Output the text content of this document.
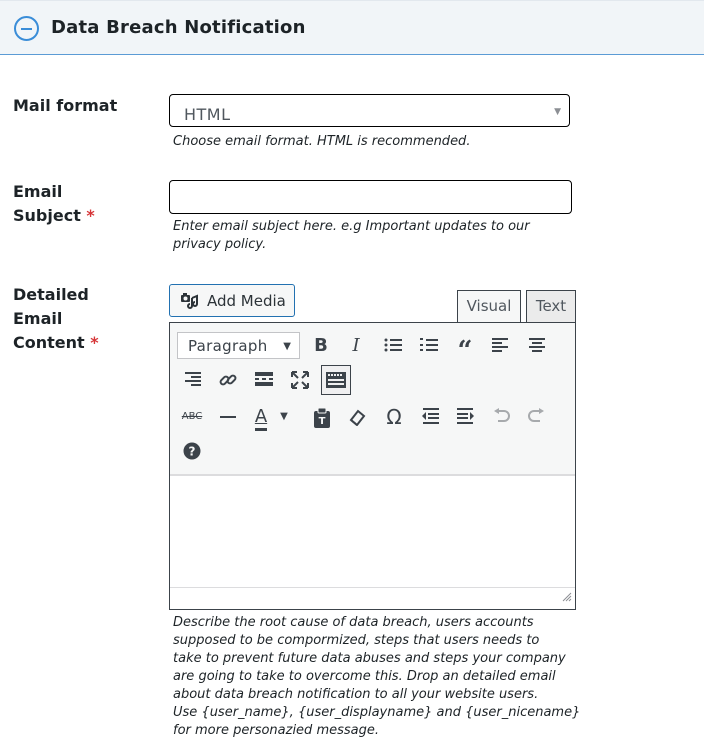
Data Breach Notification
Mail format	HTML	▼
Choose email format. HTML is recommended.
Email
Subject *
Enter email subject here. e.g Important updates to our
privacy policy.
Detailed
Email
Content *
Add Media	Visual	Text
Paragraph ▼	B	I	“
ABC	A	▼	T	Ω
?
Describe the root cause of data breach, users accounts
supposed to be compormized, steps that users needs to
take to prevent future data abuses and steps your company
are going to take to overcome this. Drop an detailed email
about data breach notification to all your website users.
Use {user_name}, {user_displayname} and {user_nicename}
for more personazied message.
